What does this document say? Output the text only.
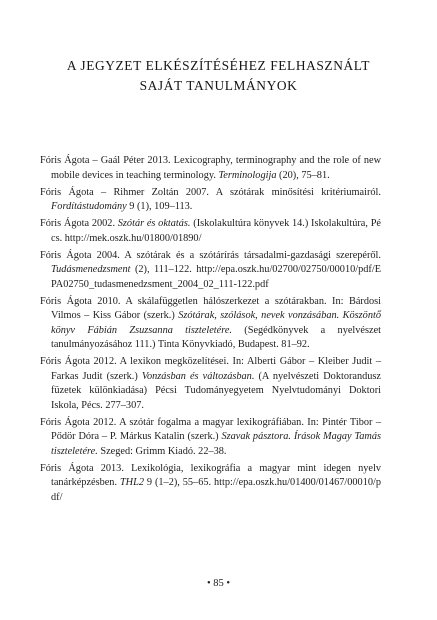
A JEGYZET ELKÉSZÍTÉSÉHEZ FELHASZNÁLT
SAJÁT TANULMÁNYOK
Fóris Ágota – Gaál Péter 2013. Lexicography, terminography and the role of new mobile devices in teaching terminology. Terminologija (20), 75–81.
Fóris Ágota – Rihmer Zoltán 2007. A szótárak minősítési kritériumairól. Fordítástudomány 9 (1), 109–113.
Fóris Ágota 2002. Szótár és oktatás. (Iskolakultúra könyvek 14.) Iskolakultúra, Pécs. http://mek.oszk.hu/01800/01890/
Fóris Ágota 2004. A szótárak és a szótárírás társadalmi-gazdasági szerepéről. Tudásmenedzsment (2), 111–122. http://epa.oszk.hu/02700/02750/00010/pdf/EPA02750_tudasmenedzsment_2004_02_111-122.pdf
Fóris Ágota 2010. A skálafüggetlen hálószerkezet a szótárakban. In: Bárdosi Vilmos – Kiss Gábor (szerk.) Szótárak, szólások, nevek vonzásában. Köszöntő könyv Fábián Zsuzsanna tiszteletére. (Segédkönyvek a nyelvészet tanulmányozásához 111.) Tinta Könyvkiadó, Budapest. 81–92.
Fóris Ágota 2012. A lexikon megközelítései. In: Alberti Gábor – Kleiber Judit – Farkas Judit (szerk.) Vonzásban és változásban. (A nyelvészeti Doktorandusz füzetek különkiadása) Pécsi Tudományegyetem Nyelvtudományi Doktori Iskola, Pécs. 277–307.
Fóris Ágota 2012. A szótár fogalma a magyar lexikográfiában. In: Pintér Tibor – Pődör Dóra – P. Márkus Katalin (szerk.) Szavak pásztora. Írások Magay Tamás tiszteletére. Szeged: Grimm Kiadó. 22–38.
Fóris Ágota 2013. Lexikológia, lexikográfia a magyar mint idegen nyelv tanárképzésben. THL2 9 (1–2), 55–65. http://epa.oszk.hu/01400/01467/00010/pdf/
• 85 •
